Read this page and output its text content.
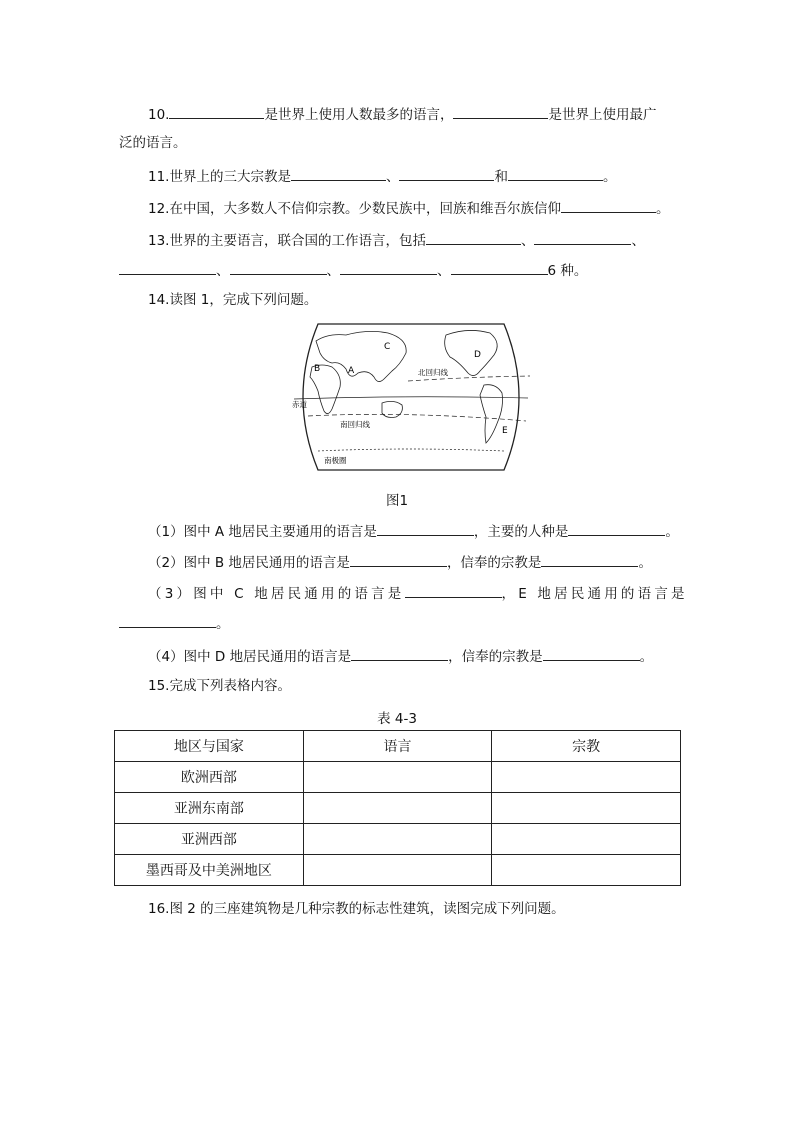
10.	是世界上使用人数最多的语言，	是世界上使用最广
泛的语言。
11.世界上的三大宗教是	、	和	。
12.在中国，大多数人不信仰宗教。少数民族中，回族和维吾尔族信仰	。
13.世界的主要语言，联合国的工作语言，包括	、	、
、	、	、	6 种。
14.读图 1，完成下列问题。
A
B
C
D
E
北回归线
赤道
南回归线
南极圈
图1
（1）图中 A 地居民主要通用的语言是	，主要的人种是	。
（2）图中 B 地居民通用的语言是	，信奉的宗教是	。
（3）图中 C 地居民通用的语言是	，E 地居民通用的语言是
。
（4）图中 D 地居民通用的语言是	，信奉的宗教是	。
15.完成下列表格内容。
表 4-3
地区与国家	语言	宗教
欧洲西部		
亚洲东南部		
亚洲西部		
墨西哥及中美洲地区		
16.图 2 的三座建筑物是几种宗教的标志性建筑，读图完成下列问题。
